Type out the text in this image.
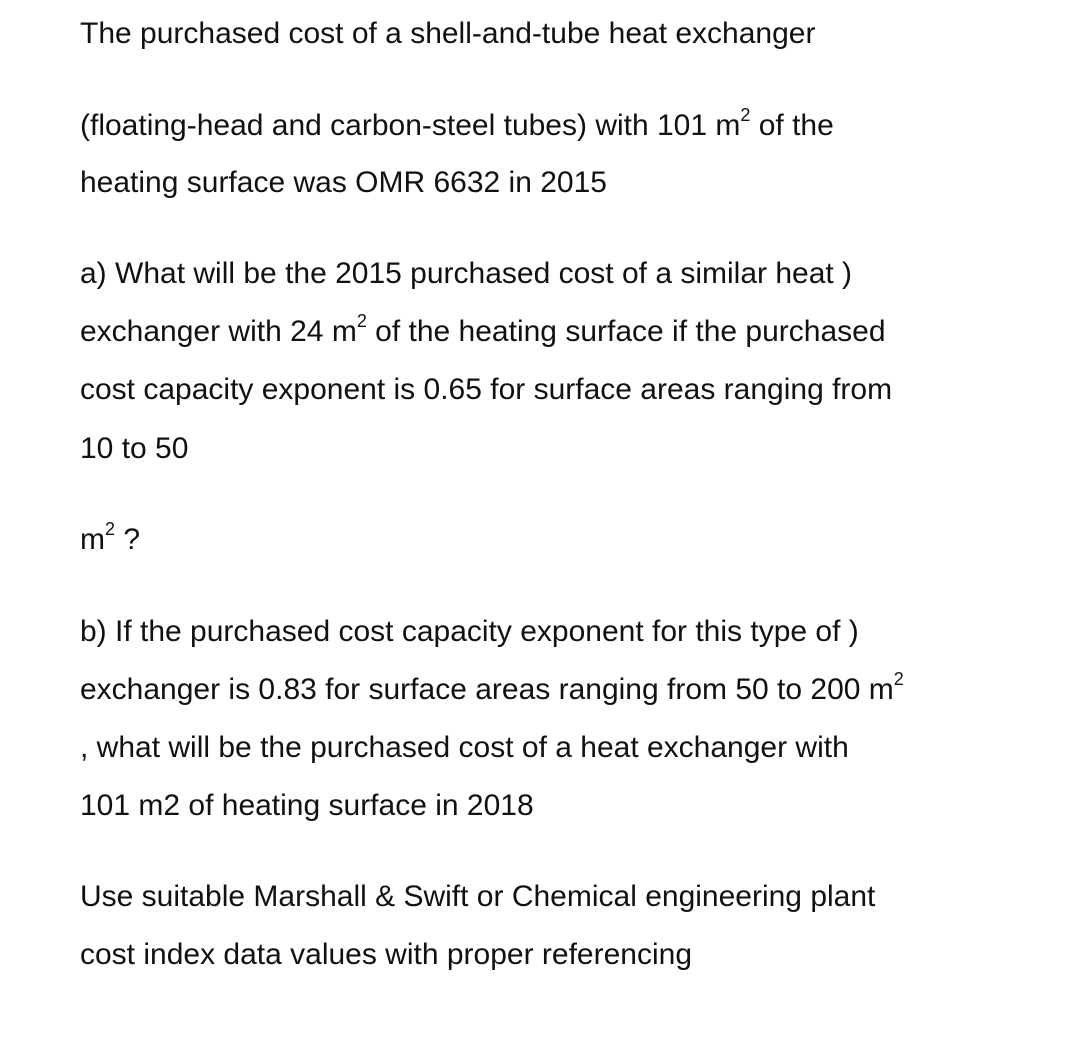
The purchased cost of a shell-and-tube heat exchanger
(floating-head and carbon-steel tubes) with 101 $m^2$ of the
heating surface was OMR 6632 in 2015
a) What will be the 2015 purchased cost of a similar heat )
exchanger with 24 $m^2$ of the heating surface if the purchased
cost capacity exponent is 0.65 for surface areas ranging from
10 to 50
$m^2$ ?
b) If the purchased cost capacity exponent for this type of )
exchanger is 0.83 for surface areas ranging from 50 to 200 $m^2$
, what will be the purchased cost of a heat exchanger with
101 m2 of heating surface in 2018
Use suitable Marshall & Swift or Chemical engineering plant
cost index data values with proper referencing
